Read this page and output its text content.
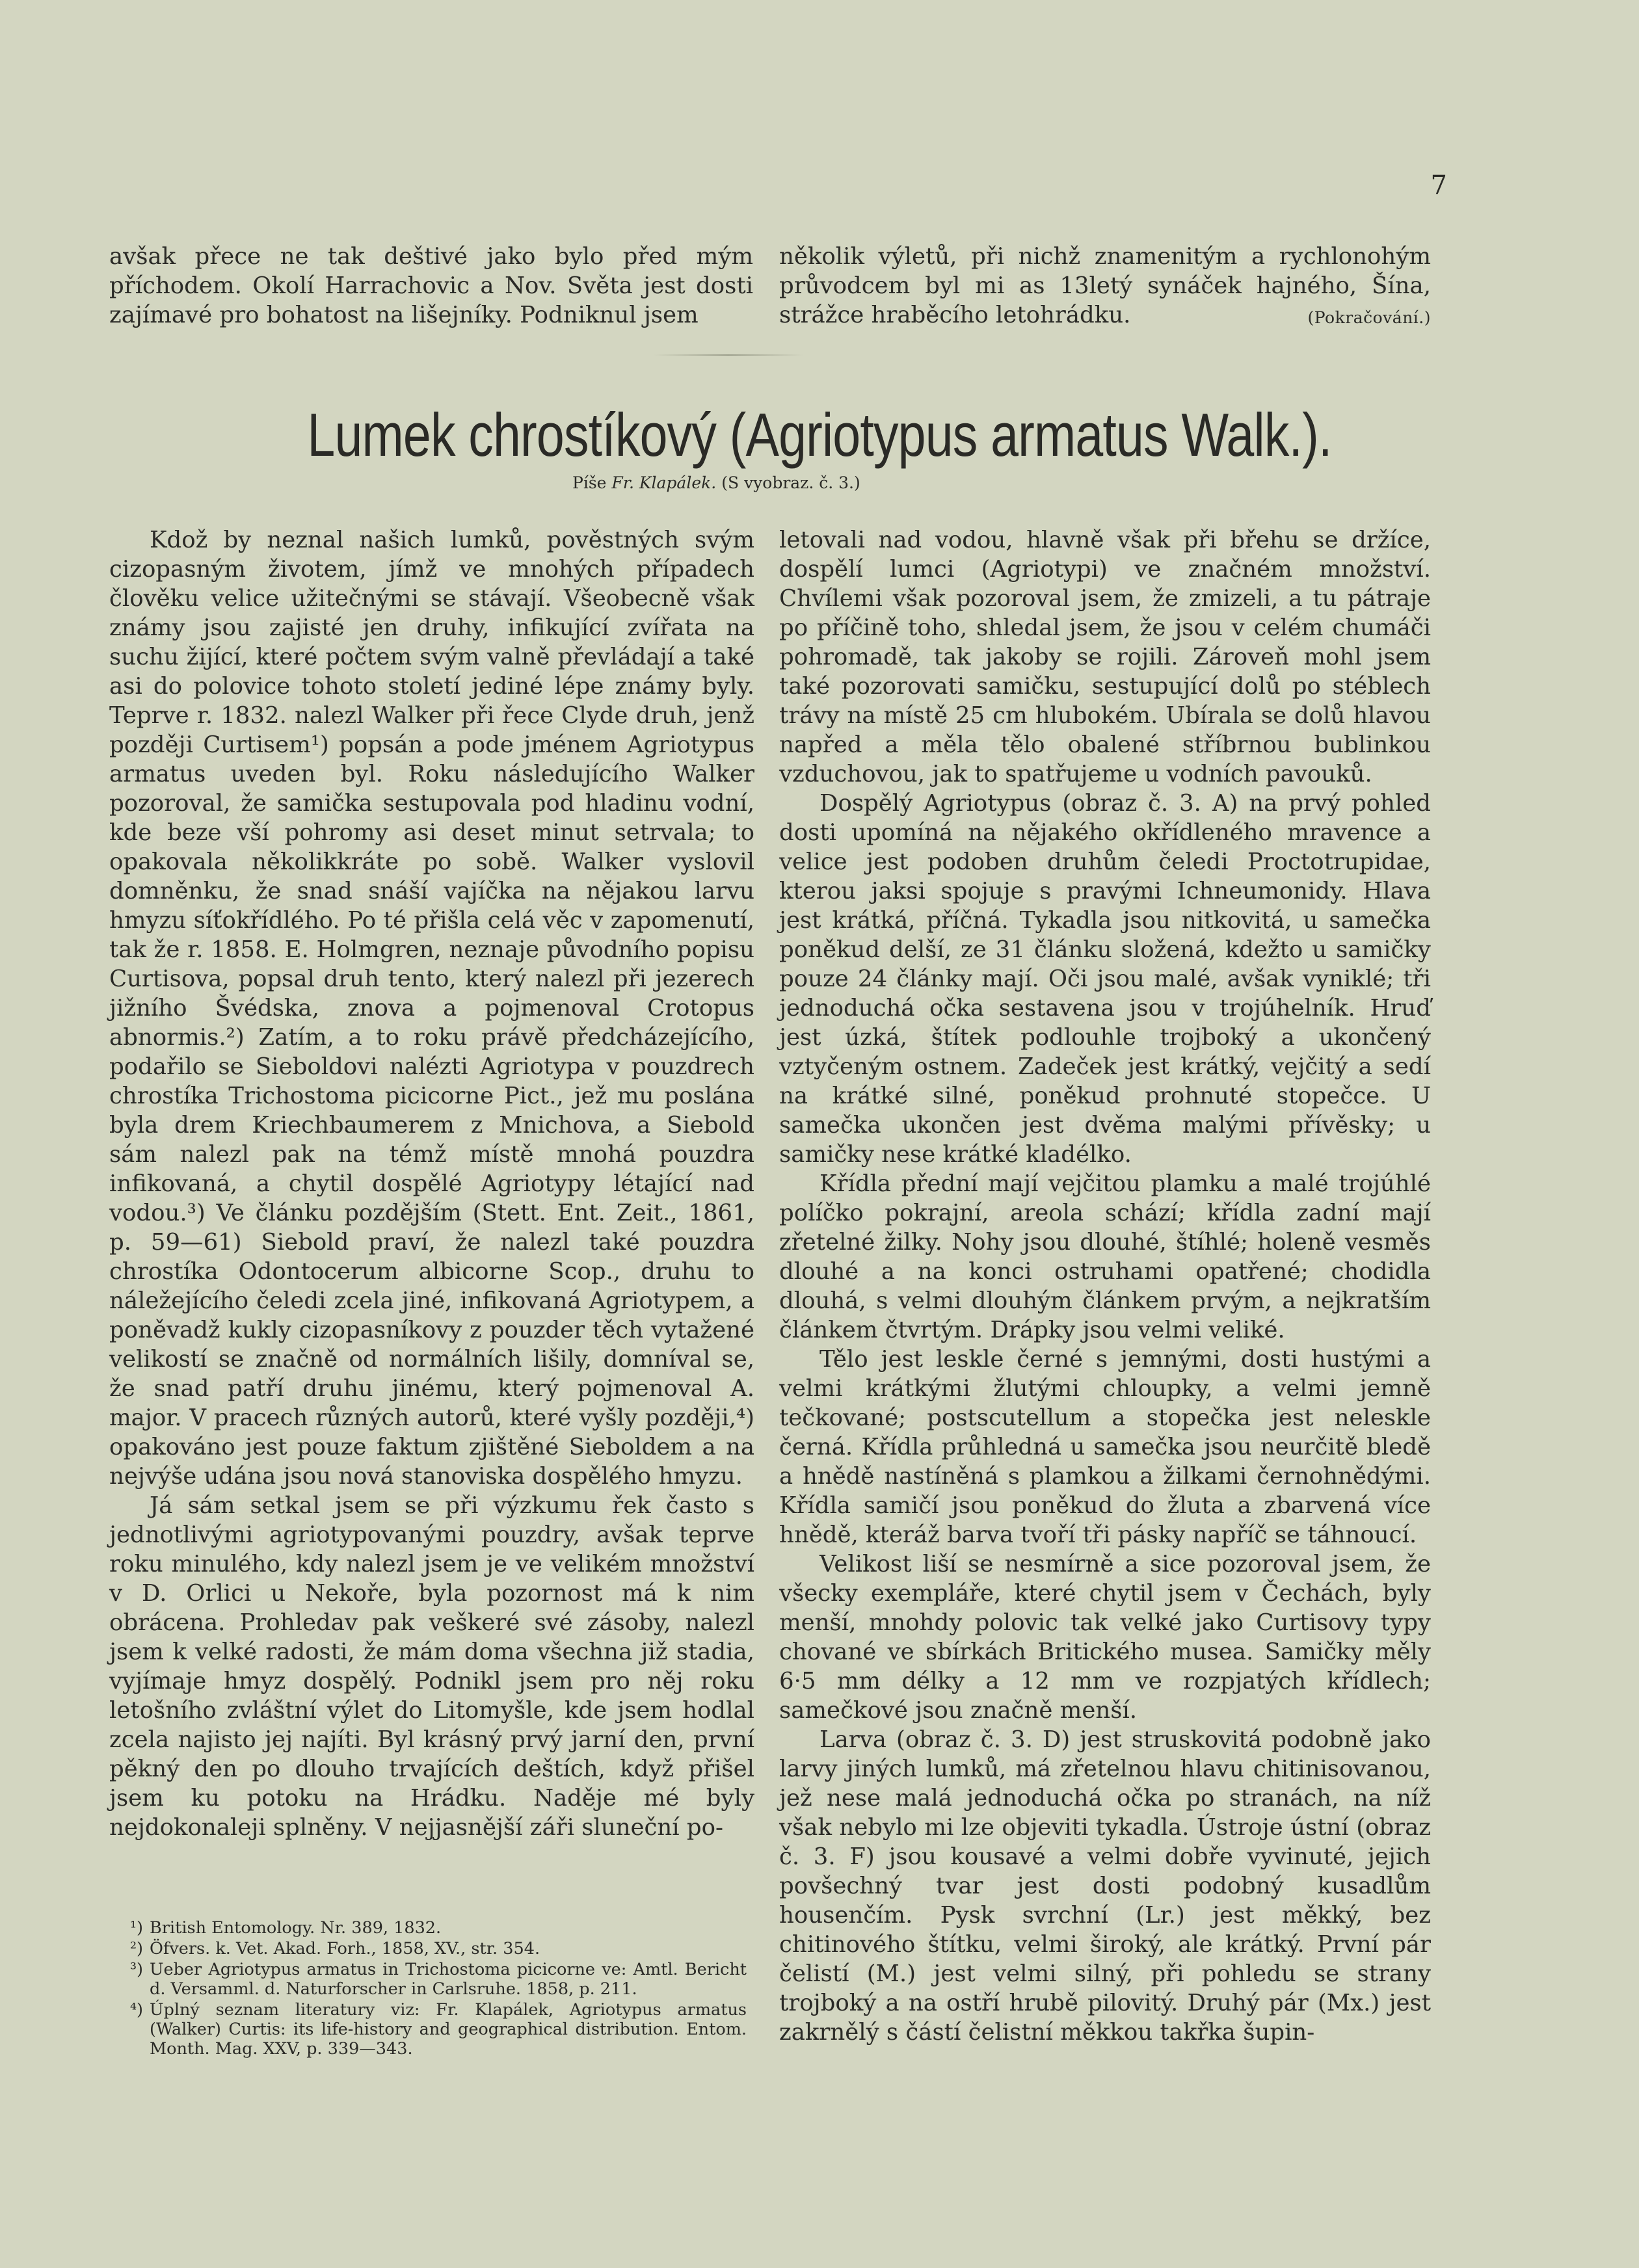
7

avšak přece ne tak deštivé jako bylo před mým příchodem. Okolí Harrachovic a Nov. Světa jest dosti zajímavé pro bohatost na lišejníky. Podniknul jsem

několik výletů, při nichž znamenitým a rychlonohým průvodcem byl mi as 13letý synáček hajného, Šína, strážce hraběcího letohrádku.	(Pokračování.)

Lumek chrostíkový (Agriotypus armatus Walk.).
Píše Fr. Klapálek. (S vyobraz. č. 3.)

Kdož by neznal našich lumků, pověstných svým cizopasným životem, jímž ve mnohých případech člověku velice užitečnými se stávají. Všeobecně však známy jsou zajisté jen druhy, infikující zvířata na suchu žijící, které počtem svým valně převládají a také asi do polovice tohoto století jediné lépe známy byly. Teprve r. 1832. nalezl Walker při řece Clyde druh, jenž později Curtisem¹) popsán a pode jménem Agriotypus armatus uveden byl. Roku následujícího Walker pozoroval, že samička sestupovala pod hladinu vodní, kde beze vší pohromy asi deset minut setrvala; to opakovala několikkráte po sobě. Walker vyslovil domněnku, že snad snáší vajíčka na nějakou larvu hmyzu síťokřídlého. Po té přišla celá věc v zapomenutí, tak že r. 1858. E. Holmgren, neznaje původního popisu Curtisova, popsal druh tento, který nalezl při jezerech jižního Švédska, znova a pojmenoval Crotopus abnormis.²) Zatím, a to roku právě předcházejícího, podařilo se Sieboldovi nalézti Agriotypa v pouzdrech chrostíka Trichostoma picicorne Pict., jež mu poslána byla drem Kriechbaumerem z Mnichova, a Siebold sám nalezl pak na témž místě mnohá pouzdra infikovaná, a chytil dospělé Agriotypy létající nad vodou.³) Ve článku pozdějším (Stett. Ent. Zeit., 1861, p. 59—61) Siebold praví, že nalezl také pouzdra chrostíka Odontocerum albicorne Scop., druhu to náležejícího čeledi zcela jiné, infikovaná Agriotypem, a poněvadž kukly cizopasníkovy z pouzder těch vytažené velikostí se značně od normálních lišily, domníval se, že snad patří druhu jinému, který pojmenoval A. major. V pracech různých autorů, které vyšly později,⁴) opakováno jest pouze faktum zjištěné Sieboldem a na nejvýše udána jsou nová stanoviska dospělého hmyzu.

Já sám setkal jsem se při výzkumu řek často s jednotlivými agriotypovanými pouzdry, avšak teprve roku minulého, kdy nalezl jsem je ve velikém množství v D. Orlici u Nekoře, byla pozornost má k nim obrácena. Prohledav pak veškeré své zásoby, nalezl jsem k velké radosti, že mám doma všechna již stadia, vyjímaje hmyz dospělý. Podnikl jsem pro něj roku letošního zvláštní výlet do Litomyšle, kde jsem hodlal zcela najisto jej najíti. Byl krásný prvý jarní den, první pěkný den po dlouho trvajících deštích, když přišel jsem ku potoku na Hrádku. Naděje mé byly nejdokonaleji splněny. V nejjasnější záři sluneční po-

letovali nad vodou, hlavně však při břehu se držíce, dospělí lumci (Agriotypi) ve značném množství. Chvílemi však pozoroval jsem, že zmizeli, a tu pátraje po příčině toho, shledal jsem, že jsou v celém chumáči pohromadě, tak jakoby se rojili. Zároveň mohl jsem také pozorovati samičku, sestupující dolů po stéblech trávy na místě 25 cm hlubokém. Ubírala se dolů hlavou napřed a měla tělo obalené stříbrnou bublinkou vzduchovou, jak to spatřujeme u vodních pavouků.

Dospělý Agriotypus (obraz č. 3. A) na prvý pohled dosti upomíná na nějakého okřídleného mravence a velice jest podoben druhům čeledi Proctotrupidae, kterou jaksi spojuje s pravými Ichneumonidy. Hlava jest krátká, příčná. Tykadla jsou nitkovitá, u samečka poněkud delší, ze 31 článku složená, kdežto u samičky pouze 24 články mají. Oči jsou malé, avšak vyniklé; tři jednoduchá očka sestavena jsou v trojúhelník. Hruď jest úzká, štítek podlouhle trojboký a ukončený vztyčeným ostnem. Zadeček jest krátký, vejčitý a sedí na krátké silné, poněkud prohnuté stopečce. U samečka ukončen jest dvěma malými přívěsky; u samičky nese krátké kladélko.

Křídla přední mají vejčitou plamku a malé trojúhlé políčko pokrajní, areola schází; křídla zadní mají zřetelné žilky. Nohy jsou dlouhé, štíhlé; holeně vesměs dlouhé a na konci ostruhami opatřené; chodidla dlouhá, s velmi dlouhým článkem prvým, a nejkratším článkem čtvrtým. Drápky jsou velmi veliké.

Tělo jest leskle černé s jemnými, dosti hustými a velmi krátkými žlutými chloupky, a velmi jemně tečkované; postscutellum a stopečka jest neleskle černá. Křídla průhledná u samečka jsou neurčitě bledě a hnědě nastíněná s plamkou a žilkami černohnědými. Křídla samičí jsou poněkud do žluta a zbarvená více hnědě, kteráž barva tvoří tři pásky napříč se táhnoucí.

Velikost liší se nesmírně a sice pozoroval jsem, že všecky exempláře, které chytil jsem v Čechách, byly menší, mnohdy polovic tak velké jako Curtisovy typy chované ve sbírkách Britického musea. Samičky měly 6·5 mm délky a 12 mm ve rozpjatých křídlech; samečkové jsou značně menší.

Larva (obraz č. 3. D) jest struskovitá podobně jako larvy jiných lumků, má zřetelnou hlavu chitinisovanou, jež nese malá jednoduchá očka po stranách, na níž však nebylo mi lze objeviti tykadla. Ústroje ústní (obraz č. 3. F) jsou kousavé a velmi dobře vyvinuté, jejich povšechný tvar jest dosti podobný kusadlům housenčím. Pysk svrchní (Lr.) jest měkký, bez chitinového štítku, velmi široký, ale krátký. První pár čelistí (M.) jest velmi silný, při pohledu se strany trojboký a na ostří hrubě pilovitý. Druhý pár (Mx.) jest zakrnělý s částí čelistní měkkou takřka šupin-

¹) British Entomology. Nr. 389, 1832.
²) Öfvers. k. Vet. Akad. Forh., 1858, XV., str. 354.
³) Ueber Agriotypus armatus in Trichostoma picicorne ve: Amtl. Bericht d. Versamml. d. Naturforscher in Carlsruhe. 1858, p. 211.
⁴) Úplný seznam literatury viz: Fr. Klapálek, Agriotypus armatus (Walker) Curtis: its life-history and geographical distribution. Entom. Month. Mag. XXV, p. 339—343.
